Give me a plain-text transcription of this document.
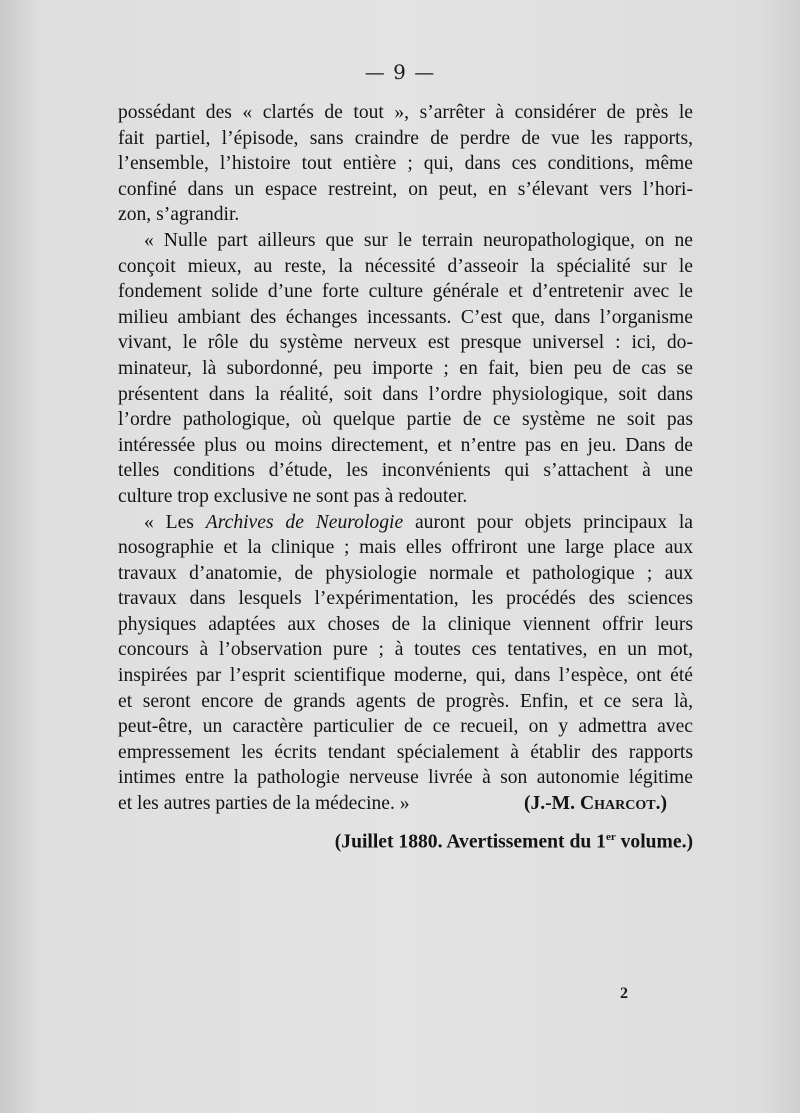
— 9 —
possédant des « clartés de tout », s’arrêter à considérer de près le
fait partiel, l’épisode, sans craindre de perdre de vue les rapports,
l’ensemble, l’histoire tout entière ; qui, dans ces conditions, même
confiné dans un espace restreint, on peut, en s’élevant vers l’hori-
zon, s’agrandir.
« Nulle part ailleurs que sur le terrain neuropathologique, on ne
conçoit mieux, au reste, la nécessité d’asseoir la spécialité sur le
fondement solide d’une forte culture générale et d’entretenir avec le
milieu ambiant des échanges incessants. C’est que, dans l’organisme
vivant, le rôle du système nerveux est presque universel : ici, do-
minateur, là subordonné, peu importe ; en fait, bien peu de cas se
présentent dans la réalité, soit dans l’ordre physiologique, soit dans
l’ordre pathologique, où quelque partie de ce système ne soit pas
intéressée plus ou moins directement, et n’entre pas en jeu. Dans de
telles conditions d’étude, les inconvénients qui s’attachent à une
culture trop exclusive ne sont pas à redouter.
« Les Archives de Neurologie auront pour objets principaux la
nosographie et la clinique ; mais elles offriront une large place aux
travaux d’anatomie, de physiologie normale et pathologique ; aux
travaux dans lesquels l’expérimentation, les procédés des sciences
physiques adaptées aux choses de la clinique viennent offrir leurs
concours à l’observation pure ; à toutes ces tentatives, en un mot,
inspirées par l’esprit scientifique moderne, qui, dans l’espèce, ont été
et seront encore de grands agents de progrès. Enfin, et ce sera là,
peut-être, un caractère particulier de ce recueil, on y admettra avec
empressement les écrits tendant spécialement à établir des rapports
intimes entre la pathologie nerveuse livrée à son autonomie légitime
et les autres parties de la médecine. »	(J.-M. Charcot.)
(Juillet 1880. Avertissement du 1er volume.)
2
